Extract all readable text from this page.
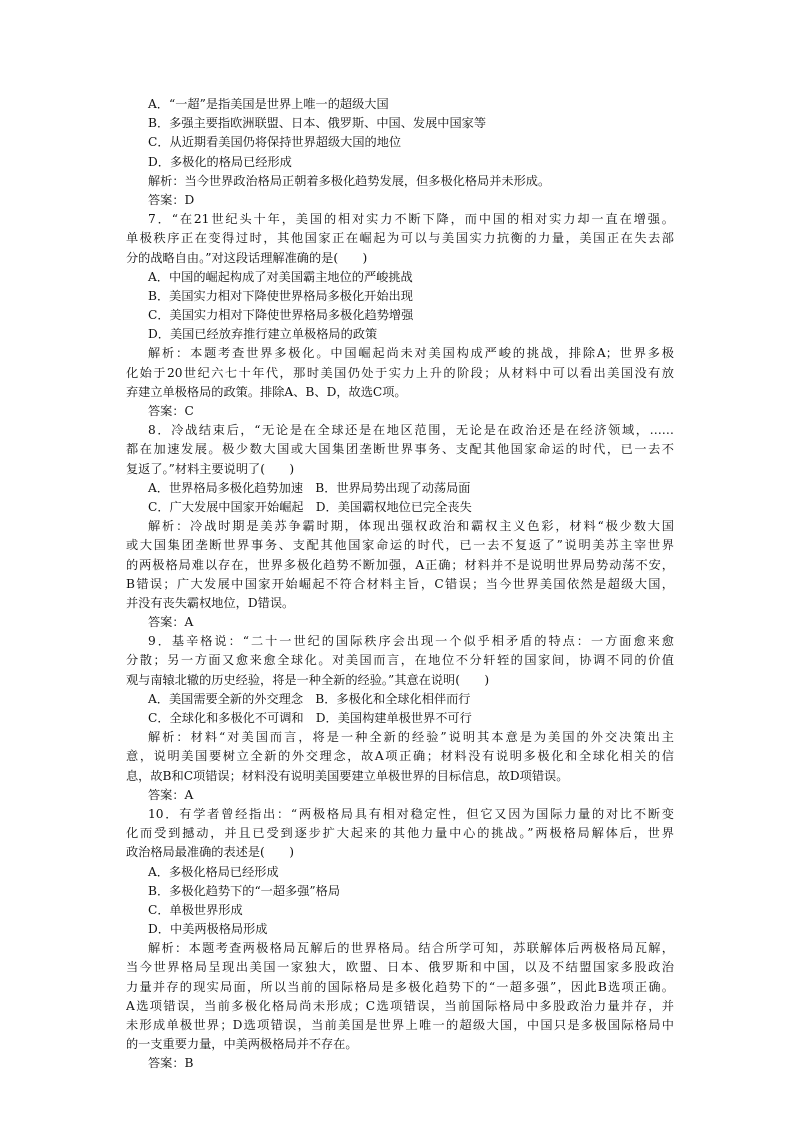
A．“一超”是指美国是世界上唯一的超级大国
B．多强主要指欧洲联盟、日本、俄罗斯、中国、发展中国家等
C．从近期看美国仍将保持世界超级大国的地位
D．多极化的格局已经形成
解析：当今世界政治格局正朝着多极化趋势发展，但多极化格局并未形成。
答案：D
7．“在21世纪头十年，美国的相对实力不断下降，而中国的相对实力却一直在增强。
单极秩序正在变得过时，其他国家正在崛起为可以与美国实力抗衡的力量，美国正在失去部
分的战略自由。”对这段话理解准确的是(　　)
A．中国的崛起构成了对美国霸主地位的严峻挑战
B．美国实力相对下降使世界格局多极化开始出现
C．美国实力相对下降使世界格局多极化趋势增强
D．美国已经放弃推行建立单极格局的政策
解析：本题考查世界多极化。中国崛起尚未对美国构成严峻的挑战，排除A；世界多极
化始于20世纪六七十年代，那时美国仍处于实力上升的阶段；从材料中可以看出美国没有放
弃建立单极格局的政策。排除A、B、D，故选C项。
答案：C
8．冷战结束后，“无论是在全球还是在地区范围，无论是在政治还是在经济领域，……
都在加速发展。极少数大国或大国集团垄断世界事务、支配其他国家命运的时代，已一去不
复返了。”材料主要说明了(　　)
A．世界格局多极化趋势加速　B．世界局势出现了动荡局面
C．广大发展中国家开始崛起　D．美国霸权地位已完全丧失
解析：冷战时期是美苏争霸时期，体现出强权政治和霸权主义色彩，材料“极少数大国
或大国集团垄断世界事务、支配其他国家命运的时代，已一去不复返了”说明美苏主宰世界
的两极格局难以存在，世界多极化趋势不断加强，A正确；材料并不是说明世界局势动荡不安，
B错误；广大发展中国家开始崛起不符合材料主旨，C错误；当今世界美国依然是超级大国，
并没有丧失霸权地位，D错误。
答案：A
9．基辛格说：“二十一世纪的国际秩序会出现一个似乎相矛盾的特点：一方面愈来愈
分散；另一方面又愈来愈全球化。对美国而言，在地位不分轩轾的国家间，协调不同的价值
观与南辕北辙的历史经验，将是一种全新的经验。”其意在说明(　　)
A．美国需要全新的外交理念　B．多极化和全球化相伴而行
C．全球化和多极化不可调和　D．美国构建单极世界不可行
解析：材料“对美国而言，将是一种全新的经验”说明其本意是为美国的外交决策出主
意，说明美国要树立全新的外交理念，故A项正确；材料没有说明多极化和全球化相关的信
息，故B和C项错误；材料没有说明美国要建立单极世界的目标信息，故D项错误。
答案：A
10．有学者曾经指出：“两极格局具有相对稳定性，但它又因为国际力量的对比不断变
化而受到撼动，并且已受到逐步扩大起来的其他力量中心的挑战。”两极格局解体后，世界
政治格局最准确的表述是(　　)
A．多极化格局已经形成
B．多极化趋势下的“一超多强”格局
C．单极世界形成
D．中美两极格局形成
解析：本题考查两极格局瓦解后的世界格局。结合所学可知，苏联解体后两极格局瓦解，
当今世界格局呈现出美国一家独大，欧盟、日本、俄罗斯和中国，以及不结盟国家多股政治
力量并存的现实局面，所以当前的国际格局是多极化趋势下的“一超多强”，因此B选项正确。
A选项错误，当前多极化格局尚未形成；C选项错误，当前国际格局中多股政治力量并存，并
未形成单极世界；D选项错误，当前美国是世界上唯一的超级大国，中国只是多极国际格局中
的一支重要力量，中美两极格局并不存在。
答案：B
